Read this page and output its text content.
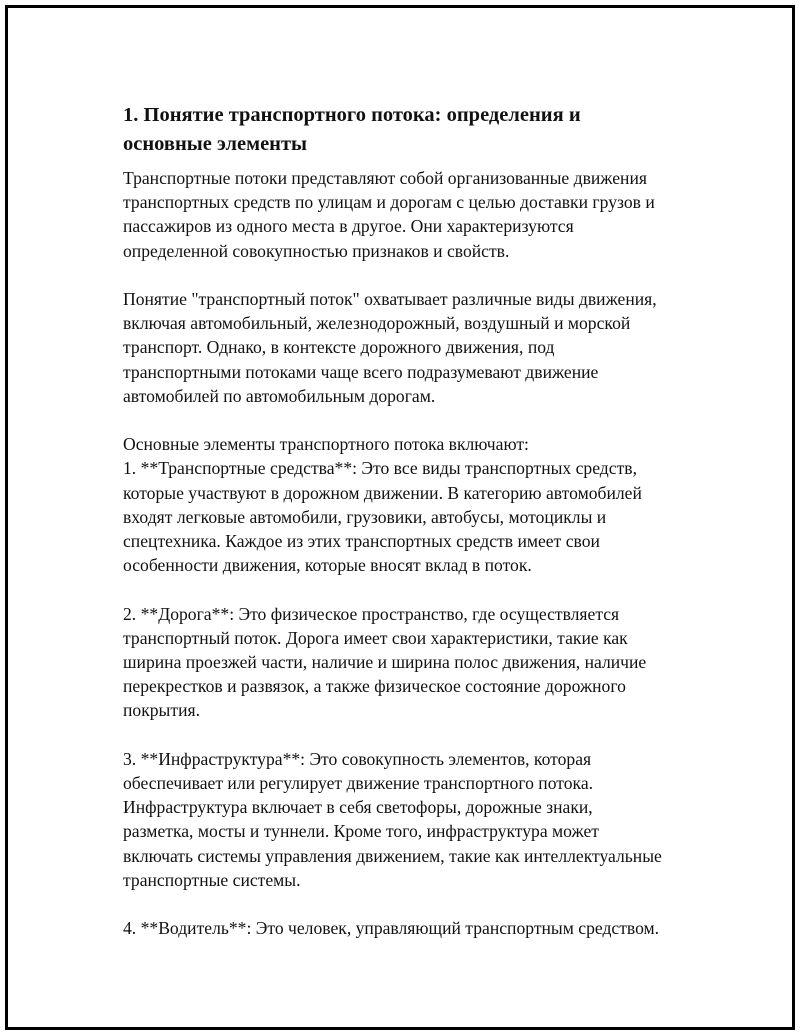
1. Понятие транспортного потока: определения и
основные элементы
Транспортные потоки представляют собой организованные движения
транспортных средств по улицам и дорогам с целью доставки грузов и
пассажиров из одного места в другое. Они характеризуются
определенной совокупностью признаков и свойств.
Понятие "транспортный поток" охватывает различные виды движения,
включая автомобильный, железнодорожный, воздушный и морской
транспорт. Однако, в контексте дорожного движения, под
транспортными потоками чаще всего подразумевают движение
автомобилей по автомобильным дорогам.
Основные элементы транспортного потока включают:
1. **Транспортные средства**: Это все виды транспортных средств,
которые участвуют в дорожном движении. В категорию автомобилей
входят легковые автомобили, грузовики, автобусы, мотоциклы и
спецтехника. Каждое из этих транспортных средств имеет свои
особенности движения, которые вносят вклад в поток.
2. **Дорога**: Это физическое пространство, где осуществляется
транспортный поток. Дорога имеет свои характеристики, такие как
ширина проезжей части, наличие и ширина полос движения, наличие
перекрестков и развязок, а также физическое состояние дорожного
покрытия.
3. **Инфраструктура**: Это совокупность элементов, которая
обеспечивает или регулирует движение транспортного потока.
Инфраструктура включает в себя светофоры, дорожные знаки,
разметка, мосты и туннели. Кроме того, инфраструктура может
включать системы управления движением, такие как интеллектуальные
транспортные системы.
4. **Водитель**: Это человек, управляющий транспортным средством.
